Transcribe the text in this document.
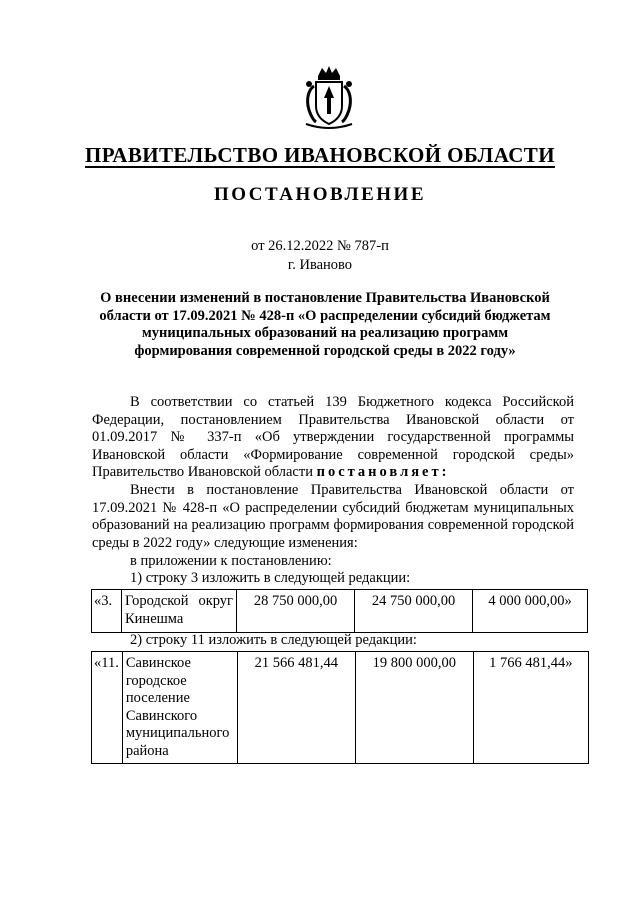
ПРАВИТЕЛЬСТВО ИВАНОВСКОЙ ОБЛАСТИ
ПОСТАНОВЛЕНИЕ
от 26.12.2022 № 787-п
г. Иваново
О внесении изменений в постановление Правительства Ивановской области от 17.09.2021 № 428-п «О распределении субсидий бюджетам муниципальных образований на реализацию программ формирования современной городской среды в 2022 году»
В соответствии со статьей 139 Бюджетного кодекса Российской Федерации, постановлением Правительства Ивановской области от 01.09.2017 № 337-п «Об утверждении государственной программы Ивановской области «Формирование современной городской среды» Правительство Ивановской области постановляет:
Внести в постановление Правительства Ивановской области от 17.09.2021 № 428-п «О распределении субсидий бюджетам муниципальных образований на реализацию программ формирования современной городской среды в 2022 году» следующие изменения:
в приложении к постановлению:
1) строку 3 изложить в следующей редакции:
«3.	Городской округ Кинешма	28 750 000,00	24 750 000,00	4 000 000,00»
2) строку 11 изложить в следующей редакции:
«11.	Савинское городское поселение Савинского муниципального района	21 566 481,44	19 800 000,00	1 766 481,44»
